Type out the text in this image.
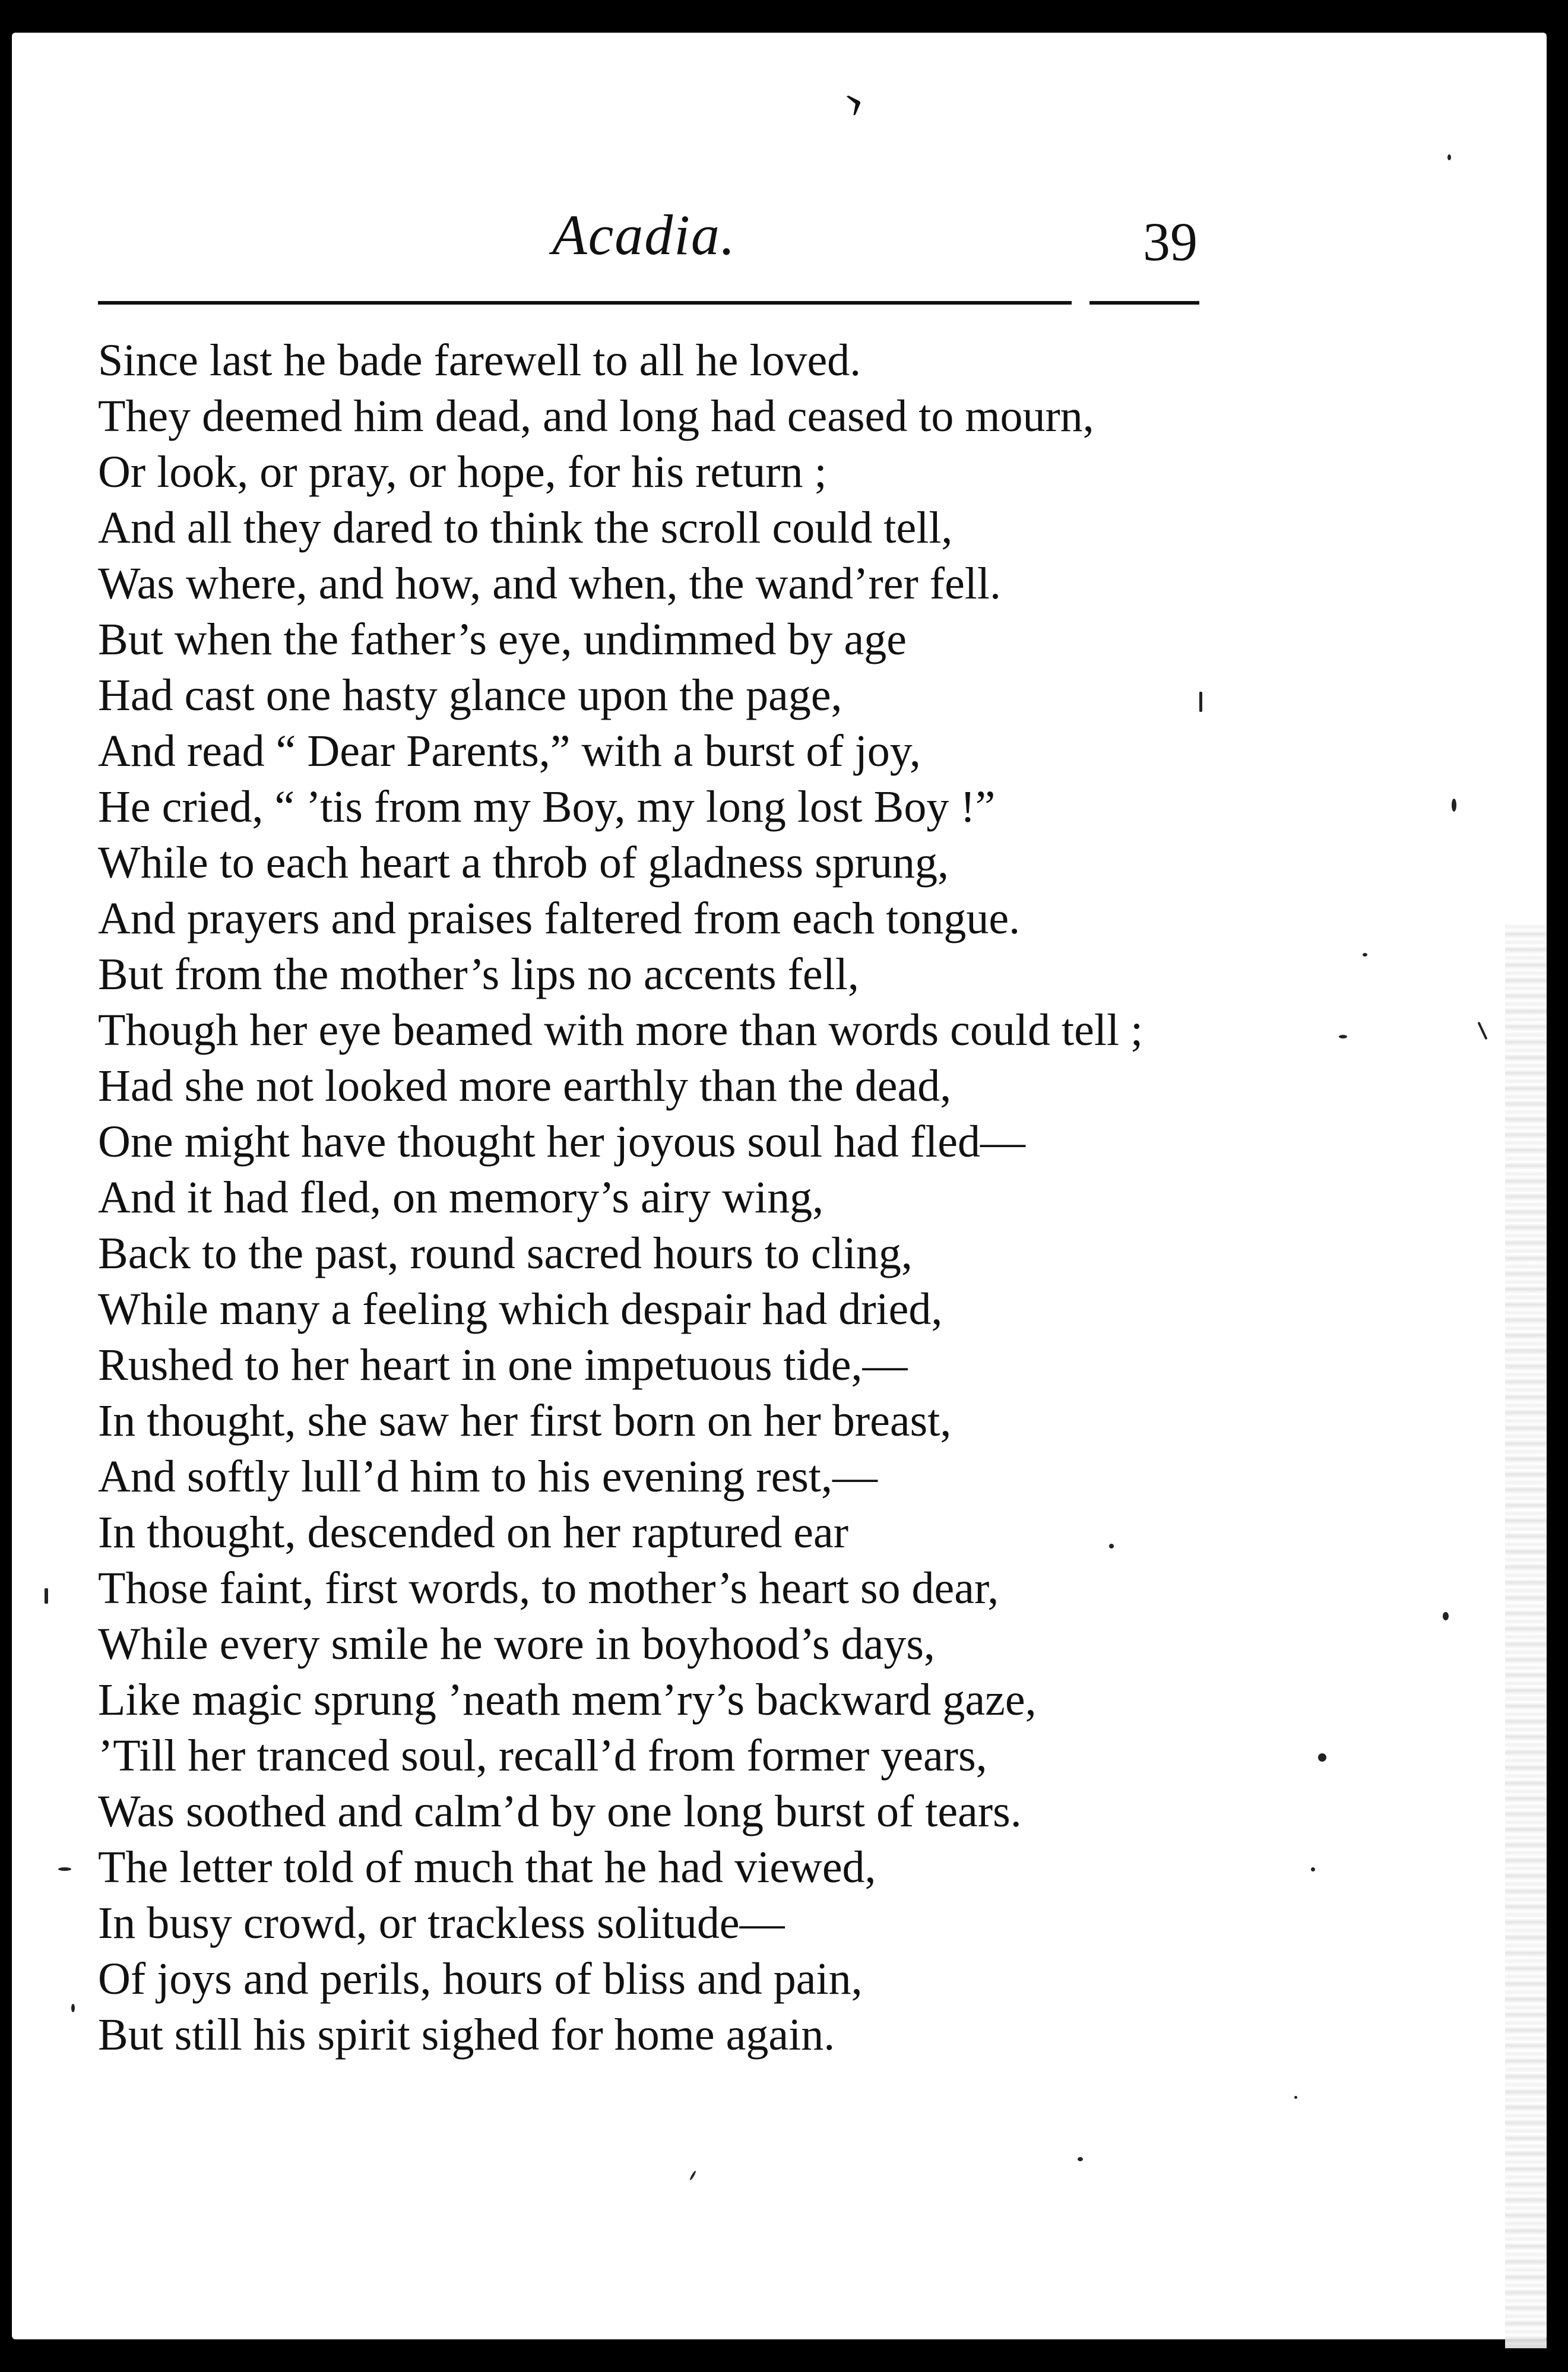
›
Acadia.	39
Since last he bade farewell to all he loved.
They deemed him dead, and long had ceased to mourn,
Or look, or pray, or hope, for his return ;
And all they dared to think the scroll could tell,
Was where, and how, and when, the wand’rer fell.
But when the father’s eye, undimmed by age
Had cast one hasty glance upon the page,
And read “ Dear Parents,” with a burst of joy,
He cried, “ ’tis from my Boy, my long lost Boy !”
While to each heart a throb of gladness sprung,
And prayers and praises faltered from each tongue.
But from the mother’s lips no accents fell,
Though her eye beamed with more than words could tell ;
Had she not looked more earthly than the dead,
One might have thought her joyous soul had fled—
And it had fled, on memory’s airy wing,
Back to the past, round sacred hours to cling,
While many a feeling which despair had dried,
Rushed to her heart in one impetuous tide,—
In thought, she saw her first born on her breast,
And softly lull’d him to his evening rest,—
In thought, descended on her raptured ear
Those faint, first words, to mother’s heart so dear,
While every smile he wore in boyhood’s days,
Like magic sprung ’neath mem’ry’s backward gaze,
’Till her tranced soul, recall’d from former years,
Was soothed and calm’d by one long burst of tears.
The letter told of much that he had viewed,
In busy crowd, or trackless solitude—
Of joys and perils, hours of bliss and pain,
But still his spirit sighed for home again.
